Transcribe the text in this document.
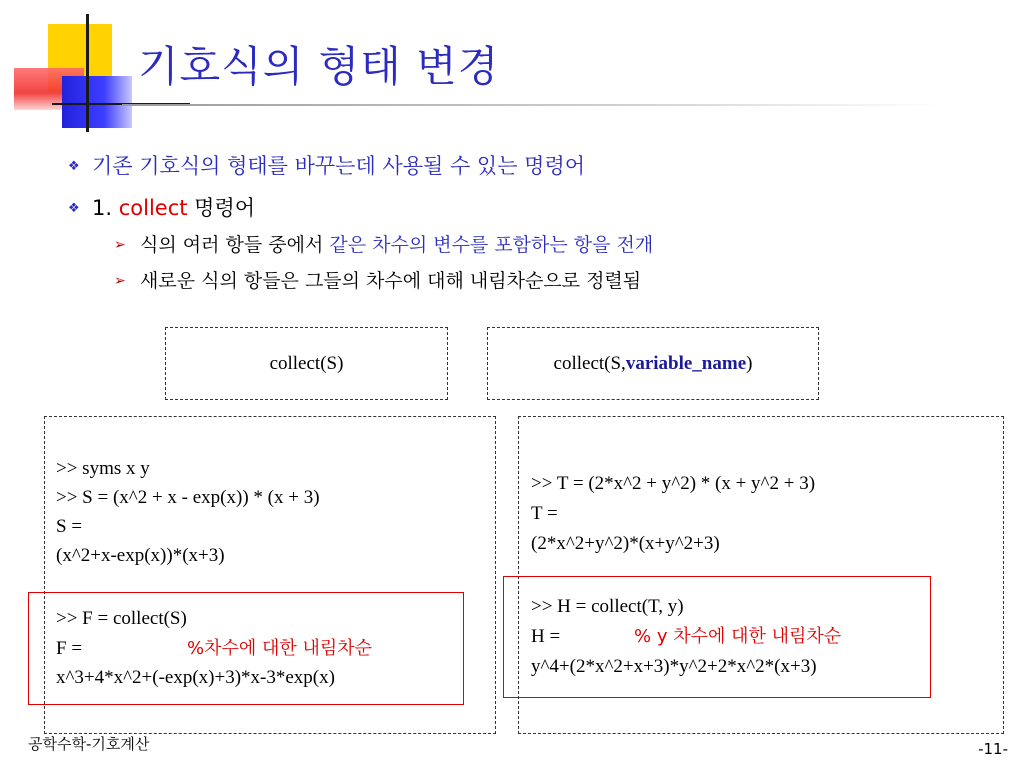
기호식의 형태 변경
❖ 기존 기호식의 형태를 바꾸는데 사용될 수 있는 명령어
❖ 1. collect 명령어
➢ 식의 여러 항들 중에서 같은 차수의 변수를 포함하는 항을 전개
➢ 새로운 식의 항들은 그들의 차수에 대해 내림차순으로 정렬됨
collect(S)	collect(S, variable_name )
>> syms x y
>> S = (x^2 + x - exp(x)) * (x + 3)
S =
(x^2+x-exp(x))*(x+3)
>> F = collect(S)
F =	%차수에 대한 내림차순
x^3+4*x^2+(-exp(x)+3)*x-3*exp(x)
>> T = (2*x^2 + y^2) * (x + y^2 + 3)
T =
(2*x^2+y^2)*(x+y^2+3)
>> H = collect(T, y)
H =	% y 차수에 대한 내림차순
y^4+(2*x^2+x+3)*y^2+2*x^2*(x+3)
공학수학-기호계산	-11-
